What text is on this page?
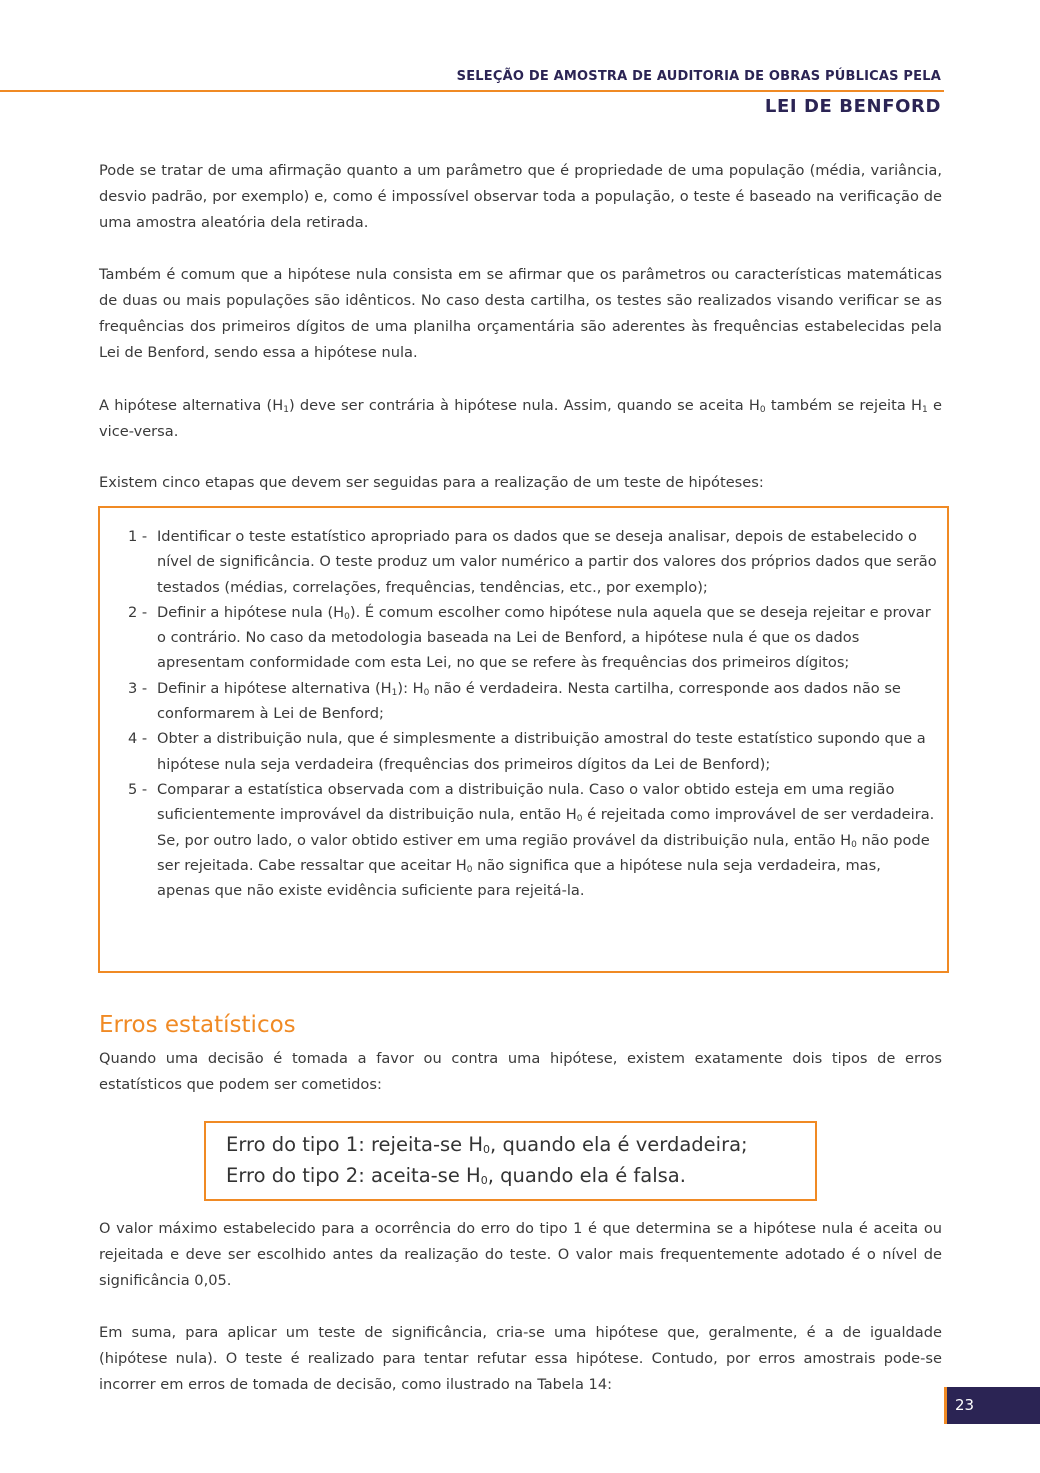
SELEÇÃO DE AMOSTRA DE AUDITORIA DE OBRAS PÚBLICAS PELA
LEI DE BENFORD

Pode se tratar de uma afirmação quanto a um parâmetro que é propriedade de uma população (média, variância, desvio padrão, por exemplo) e, como é impossível observar toda a população, o teste é baseado na verificação de uma amostra aleatória dela retirada.

Também é comum que a hipótese nula consista em se afirmar que os parâmetros ou características matemáticas de duas ou mais populações são idênticos. No caso desta cartilha, os testes são realizados visando verificar se as frequências dos primeiros dígitos de uma planilha orçamentária são aderentes às frequências estabelecidas pela Lei de Benford, sendo essa a hipótese nula.

A hipótese alternativa $(H_1)$ deve ser contrária à hipótese nula. Assim, quando se aceita $H_0$ também se rejeita $H_1$ e vice-versa.

Existem cinco etapas que devem ser seguidas para a realização de um teste de hipóteses:

1 - Identificar o teste estatístico apropriado para os dados que se deseja analisar, depois de estabelecido o nível de significância. O teste produz um valor numérico a partir dos valores dos próprios dados que serão testados (médias, correlações, frequências, tendências, etc., por exemplo);
2 - Definir a hipótese nula $(H_0)$. É comum escolher como hipótese nula aquela que se deseja rejeitar e provar o contrário. No caso da metodologia baseada na Lei de Benford, a hipótese nula é que os dados apresentam conformidade com esta Lei, no que se refere às frequências dos primeiros dígitos;
3 - Definir a hipótese alternativa $(H_1)$: $H_0$ não é verdadeira. Nesta cartilha, corresponde aos dados não se conformarem à Lei de Benford;
4 - Obter a distribuição nula, que é simplesmente a distribuição amostral do teste estatístico supondo que a hipótese nula seja verdadeira (frequências dos primeiros dígitos da Lei de Benford);
5 - Comparar a estatística observada com a distribuição nula. Caso o valor obtido esteja em uma região suficientemente improvável da distribuição nula, então $H_0$ é rejeitada como improvável de ser verdadeira. Se, por outro lado, o valor obtido estiver em uma região provável da distribuição nula, então $H_0$ não pode ser rejeitada. Cabe ressaltar que aceitar $H_0$ não significa que a hipótese nula seja verdadeira, mas, apenas que não existe evidência suficiente para rejeitá-la.
Erros estatísticos

Quando uma decisão é tomada a favor ou contra uma hipótese, existem exatamente dois tipos de erros estatísticos que podem ser cometidos:

Erro do tipo 1: rejeita-se $H_0$, quando ela é verdadeira;
Erro do tipo 2: aceita-se $H_0$, quando ela é falsa.

O valor máximo estabelecido para a ocorrência do erro do tipo 1 é que determina se a hipótese nula é aceita ou rejeitada e deve ser escolhido antes da realização do teste. O valor mais frequentemente adotado é o nível de significância 0,05.

Em suma, para aplicar um teste de significância, cria-se uma hipótese que, geralmente, é a de igualdade (hipótese nula). O teste é realizado para tentar refutar essa hipótese. Contudo, por erros amostrais pode-se incorrer em erros de tomada de decisão, como ilustrado na Tabela 14:

23
